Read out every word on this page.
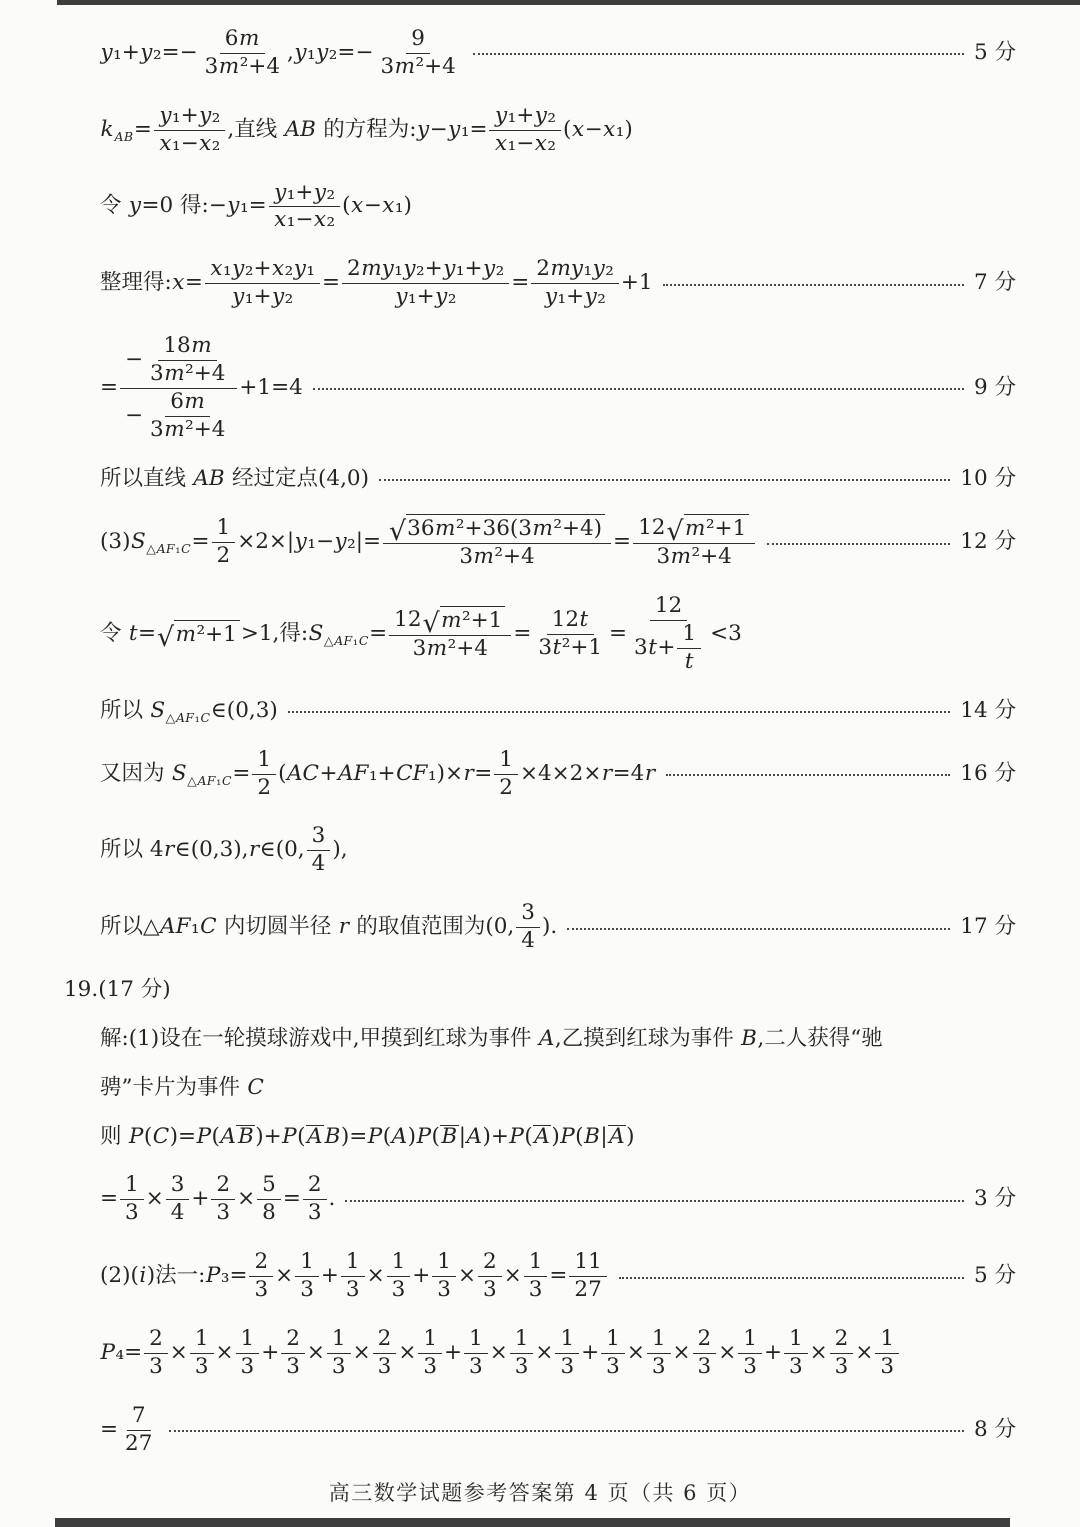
y ₁+ y $_2=- \frac{6 m}{\text{3 m ²+4}}$ , y ₁ y $_2=- \frac{9}{\text{3 m ²+4}}$	5 分
k AB = $\frac{\text{y ₁+ y ₂}}{\text{x ₁− x ₂}}$ ,直线 AB 的方程为: y − y $_1= \frac{\text{y ₁+ y ₂}}{\text{x ₁− x ₂}}$ ( x − x ₁)
令 y =0 得:− y $_1= \frac{\text{y ₁+ y ₂}}{\text{x ₁− x ₂}}$ ( x − x ₁)
整理得: $x = \frac{\text{x ₁ y ₂+ x ₂ y ₁}}{\text{y ₁+ y ₂}} = \frac{\text{2 my ₁ y ₂+ y ₁+ y ₂}}{\text{y ₁+ y ₂}} = \frac{\text{2 my ₁ y ₂}}{\text{y ₁+ y ₂}} +1$	7 分
= $\frac{- \frac{18 m}{\text{3 m ²+4}}}{- \frac{6 m}{\text{3 m ²+4}}} +1=4$	9 分
所以直线 AB 经过定点(4,0)	10 分
(3) S △AF₁C = $\frac{1}{2} \times 2\times|$ y ₁− y $_2|= \frac{\text{√ 36 m ²+36(3 m ²+4)}}{\text{3 m ²+4}} = \frac{\text{12 √ m ²+1}}{\text{3 m ²+4}}$	12 分
令 t = √ m ²+1 >1,得: S △AF₁C = $\frac{\text{12 √ m ²+1}}{\text{3 m ²+4}} = \frac{12 t}{\text{3 t ²+1}} = \frac{12}{3 t + \frac{1}{t}} <3$
所以 S △AF₁C ∈(0,3)	14 分
又因为 S △AF₁C = $\frac{1}{2}$ ( AC + AF ₁+ CF $_1)\times r = \frac{1}{2} \times 4\times 2\times r =4$ r	16 分
所以 4 r ∈(0,3), r ∈(0, $\frac{3}{4}$ ),
所以△ AF ₁ C 内切圆半径 r 的取值范围为(0, $\frac{3}{4}$ ).	17 分
19.(17 分)
解:(1)设在一轮摸球游戏中,甲摸到红球为事件 A ,乙摸到红球为事件 B ,二人获得“驰
骋”卡片为事件 C
则 P ( C )= P ( A B )+ P ( A B )= P ( A ) P ( B | A )+ P ( A ) P ( B | A )
= $\frac{1}{3} \times \frac{3}{4} + \frac{2}{3} \times \frac{5}{8} = \frac{2}{3}$ .	3 分
(2)( i )法一: P $_3= \frac{2}{3} \times \frac{1}{3} + \frac{1}{3} \times \frac{1}{3} + \frac{1}{3} \times \frac{2}{3} \times \frac{1}{3} = \frac{11}{27}$	5 分
P $_4= \frac{2}{3} \times \frac{1}{3} \times \frac{1}{3} + \frac{2}{3} \times \frac{1}{3} \times \frac{2}{3} \times \frac{1}{3} + \frac{1}{3} \times \frac{1}{3} \times \frac{1}{3} + \frac{1}{3} \times \frac{1}{3} \times \frac{2}{3} \times \frac{1}{3} + \frac{1}{3} \times \frac{2}{3} \times \frac{1}{3}$
= $\frac{7}{27}$	8 分
高三数学试题参考答案第 4 页（共 6 页）
